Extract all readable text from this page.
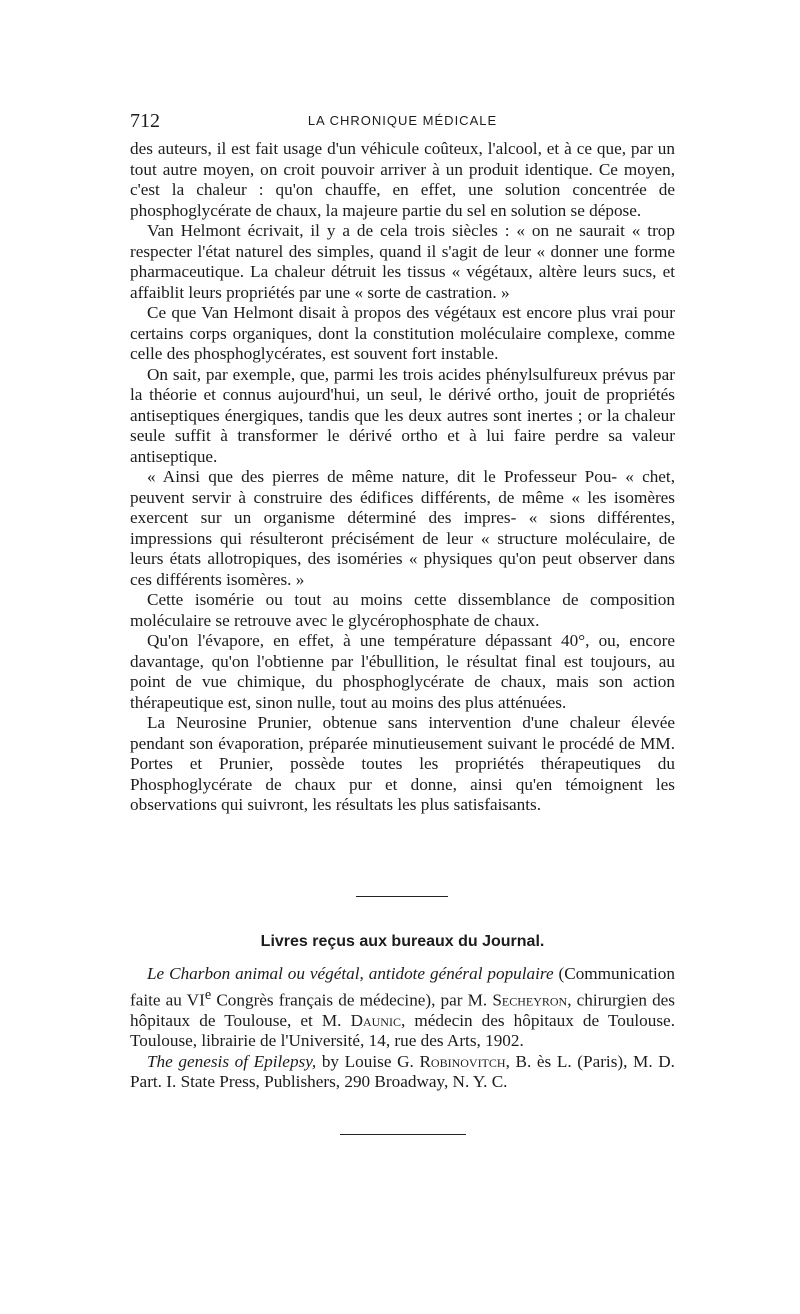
712	LA CHRONIQUE MÉDICALE

des auteurs, il est fait usage d'un véhicule coûteux, l'alcool, et à ce que, par un tout autre moyen, on croit pouvoir arriver à un produit identique. Ce moyen, c'est la chaleur : qu'on chauffe, en effet, une solution concentrée de phosphoglycérate de chaux, la majeure partie du sel en solution se dépose.

Van Helmont écrivait, il y a de cela trois siècles : « on ne saurait « trop respecter l'état naturel des simples, quand il s'agit de leur « donner une forme pharmaceutique. La chaleur détruit les tissus « végétaux, altère leurs sucs, et affaiblit leurs propriétés par une « sorte de castration. »

Ce que Van Helmont disait à propos des végétaux est encore plus vrai pour certains corps organiques, dont la constitution moléculaire complexe, comme celle des phosphoglycérates, est souvent fort instable.

On sait, par exemple, que, parmi les trois acides phénylsulfureux prévus par la théorie et connus aujourd'hui, un seul, le dérivé ortho, jouit de propriétés antiseptiques énergiques, tandis que les deux autres sont inertes ; or la chaleur seule suffit à transformer le dérivé ortho et à lui faire perdre sa valeur antiseptique.

« Ainsi que des pierres de même nature, dit le Professeur Pou- « chet, peuvent servir à construire des édifices différents, de même « les isomères exercent sur un organisme déterminé des impres- « sions différentes, impressions qui résulteront précisément de leur « structure moléculaire, de leurs états allotropiques, des isoméries « physiques qu'on peut observer dans ces différents isomères. »

Cette isomérie ou tout au moins cette dissemblance de composition moléculaire se retrouve avec le glycérophosphate de chaux.

Qu'on l'évapore, en effet, à une température dépassant 40°, ou, encore davantage, qu'on l'obtienne par l'ébullition, le résultat final est toujours, au point de vue chimique, du phosphoglycérate de chaux, mais son action thérapeutique est, sinon nulle, tout au moins des plus atténuées.

La Neurosine Prunier, obtenue sans intervention d'une chaleur élevée pendant son évaporation, préparée minutieusement suivant le procédé de MM. Portes et Prunier, possède toutes les propriétés thérapeutiques du Phosphoglycérate de chaux pur et donne, ainsi qu'en témoignent les observations qui suivront, les résultats les plus satisfaisants.

Livres reçus aux bureaux du Journal.

Le Charbon animal ou végétal, antidote général populaire (Communication faite au VIe Congrès français de médecine), par M. Secheyron, chirurgien des hôpitaux de Toulouse, et M. Daunic, médecin des hôpitaux de Toulouse. Toulouse, librairie de l'Université, 14, rue des Arts, 1902.

The genesis of Epilepsy, by Louise G. Robinovitch, B. ès L. (Paris), M. D. Part. I. State Press, Publishers, 290 Broadway, N. Y. C.
